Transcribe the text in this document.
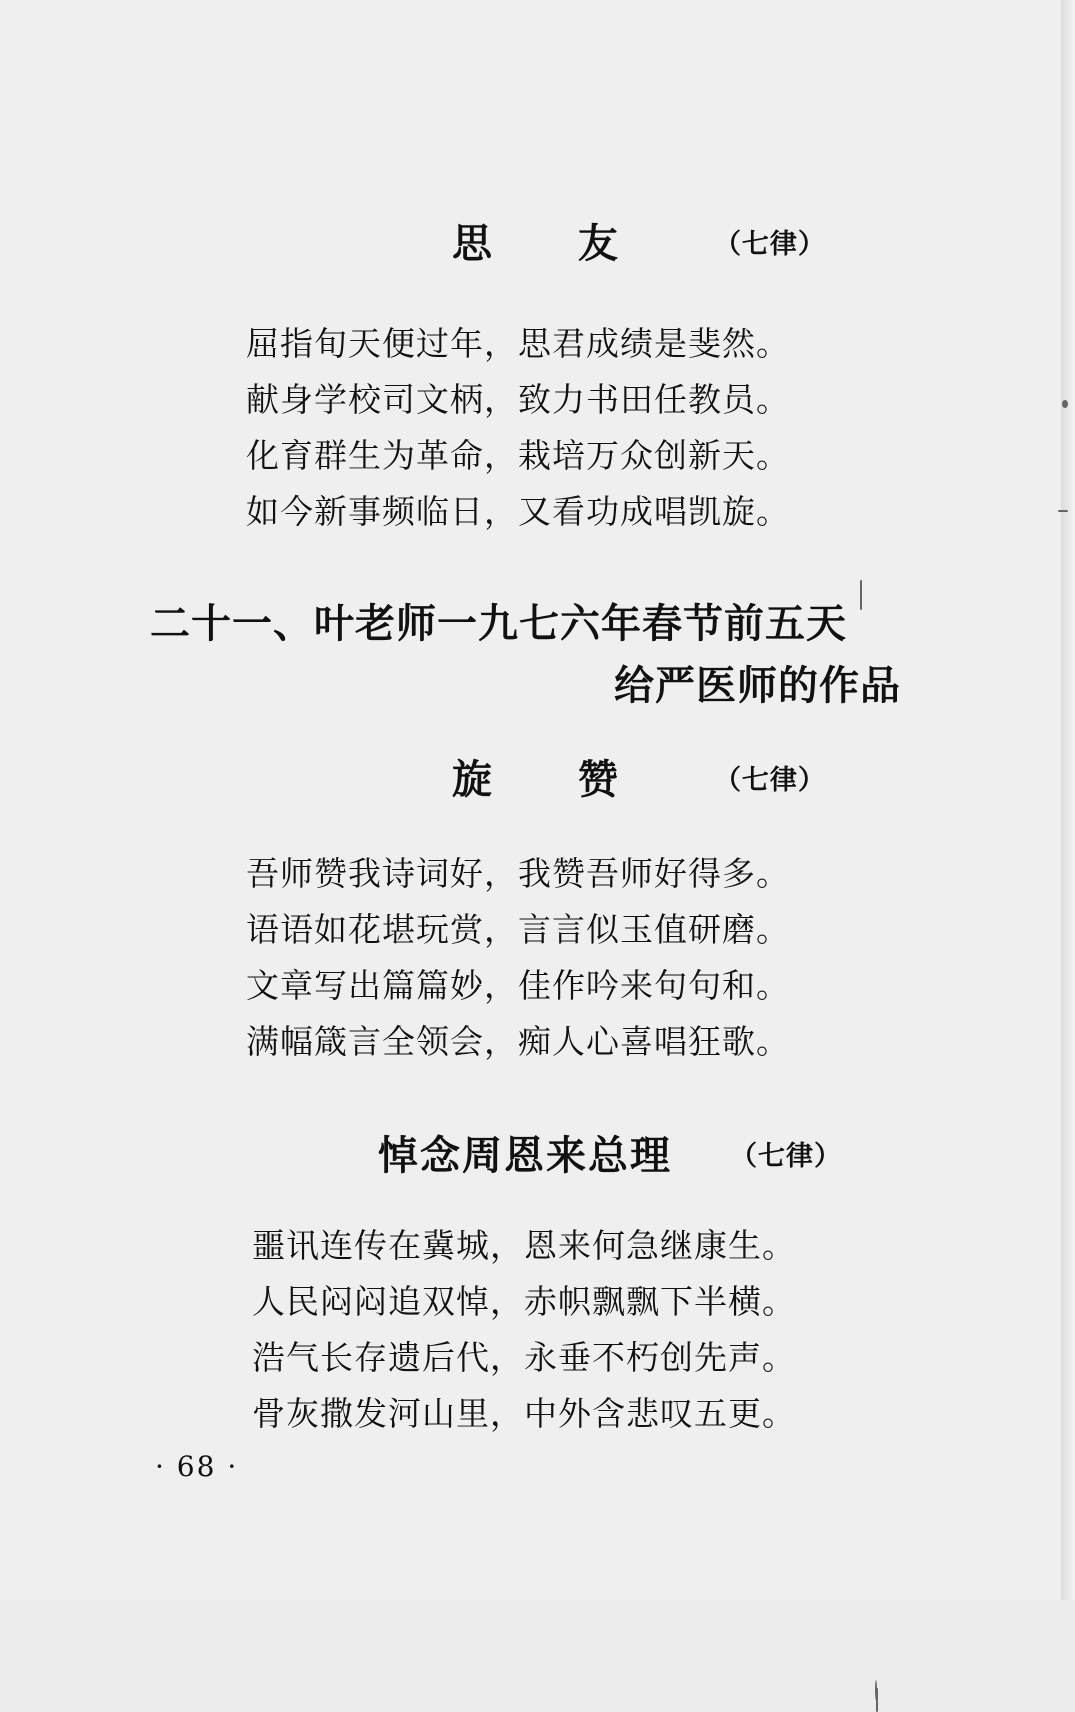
思 友 （七律）
屈指旬天便过年，思君成绩是斐然。
献身学校司文柄，致力书田任教员。
化育群生为革命，栽培万众创新天。
如今新事频临日，又看功成唱凯旋。
二十一、叶老师一九七六年春节前五天
给严医师的作品
旋 赞 （七律）
吾师赞我诗词好，我赞吾师好得多。
语语如花堪玩赏，言言似玉值研磨。
文章写出篇篇妙，佳作吟来句句和。
满幅箴言全领会，痴人心喜唱狂歌。
悼念周恩来总理 （七律）
噩讯连传在冀城，恩来何急继康生。
人民闷闷追双悼，赤帜飘飘下半横。
浩气长存遗后代，永垂不朽创先声。
骨灰撒发河山里，中外含悲叹五更。
· 68 ·
